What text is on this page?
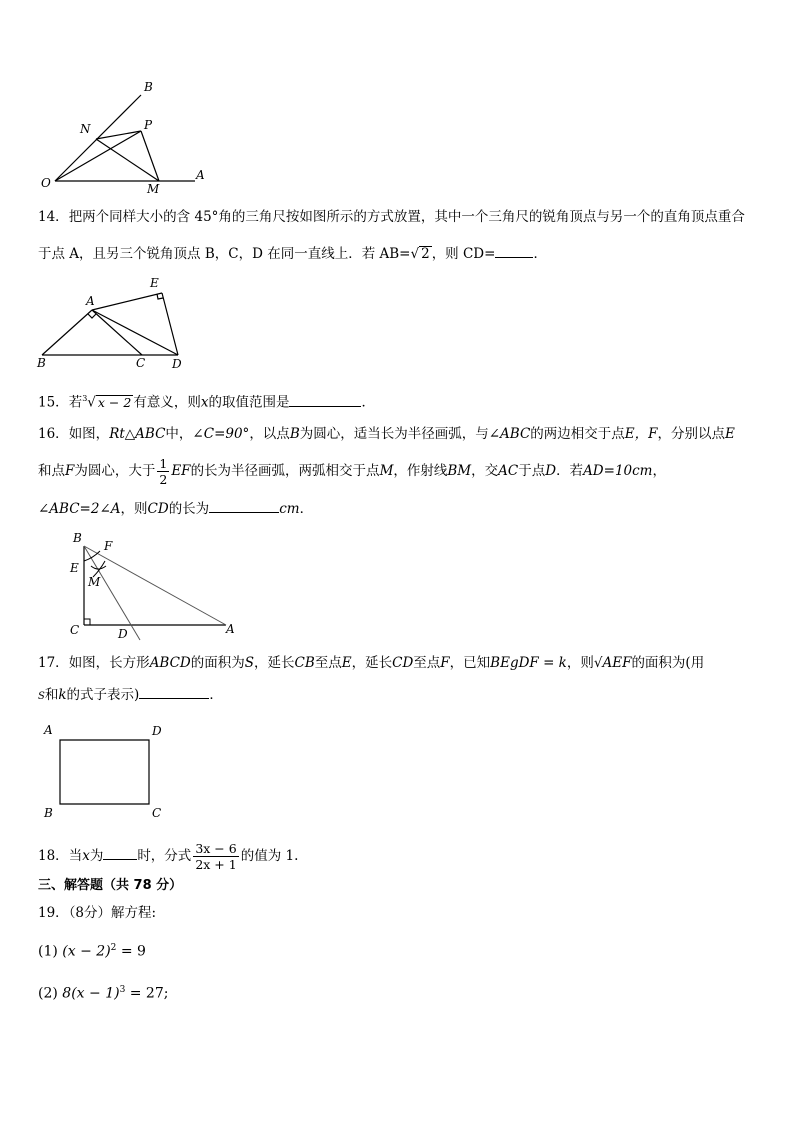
B
N	P
O	M
A
14．把两个同样大小的含 45°角的三角尺按如图所示的方式放置，其中一个三角尺的锐角顶点与另一个的直角顶点重合
于点 A，且另三个锐角顶点 B，C，D 在同一直线上．若 AB=√ 2 ，则 CD=	．
A
E
B	C D
15．若$^3$√ x − 2 有意义，则x的取值范围是	．
16．如图，Rt△ABC中，∠C=90°，以点B为圆心，适当长为半径画弧，与∠ABC的两边相交于点E，F，分别以点E
和点F为圆心，大于 $\frac{1}{2}$ EF的长为半径画弧，两弧相交于点M，作射线BM，交AC于点D．若AD=10cm，
∠ABC=2∠A，则CD的长为	cm．
B
F
E
M
C	D	A
17．如图，长方形ABCD的面积为S，延长CB至点E，延长CD至点F，已知BEgDF = k，则√AEF的面积为(用
S和k的式子表示)	．
A	D
B	C
18．当x为	时，分式 $\frac{3x - 6}{2x + 1}$ 的值为 1.
三、解答题（共 78 分）
19．（8分）解方程:
(1) $(x - 2)^2 = 9$
(2) $8(x - 1)^3 = 27$;
